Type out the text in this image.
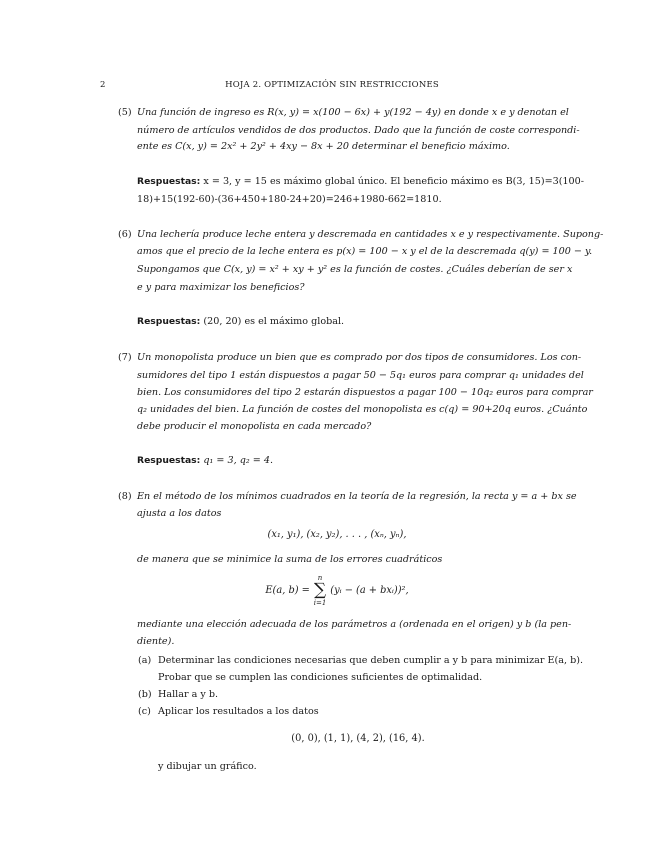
2	HOJA 2. OPTIMIZACIÓN SIN RESTRICCIONES
(5) Una función de ingreso es R(x, y) = x(100 − 6x) + y(192 − 4y) en donde x e y denotan el
número de artículos vendidos de dos productos. Dado que la función de coste correspondi-
ente es C(x, y) = 2x² + 2y² + 4xy − 8x + 20 determinar el beneficio máximo.
Respuestas: x = 3, y = 15 es máximo global único. El beneficio máximo es B(3, 15)=3(100-
18)+15(192-60)-(36+450+180-24+20)=246+1980-662=1810.
(6) Una lechería produce leche entera y descremada en cantidades x e y respectivamente. Supong-
amos que el precio de la leche entera es p(x) = 100 − x y el de la descremada q(y) = 100 − y.
Supongamos que C(x, y) = x² + xy + y² es la función de costes. ¿Cuáles deberían de ser x
e y para maximizar los beneficios?
Respuestas: (20, 20) es el máximo global.
(7) Un monopolista produce un bien que es comprado por dos tipos de consumidores. Los con-
sumidores del tipo 1 están dispuestos a pagar 50 − 5q₁ euros para comprar q₁ unidades del
bien. Los consumidores del tipo 2 estarán dispuestos a pagar 100 − 10q₂ euros para comprar
q₂ unidades del bien. La función de costes del monopolista es c(q) = 90+20q euros. ¿Cuánto
debe producir el monopolista en cada mercado?
Respuestas: q₁ = 3, q₂ = 4.
(8) En el método de los mínimos cuadrados en la teoría de la regresión, la recta y = a + bx se
ajusta a los datos
(x₁, y₁), (x₂, y₂), . . . , (xₙ, yₙ),
de manera que se minimice la suma de los errores cuadráticos
E(a, b) =
n
∑
i=1
(yᵢ − (a + bxᵢ))²,
mediante una elección adecuada de los parámetros a (ordenada en el origen) y b (la pen-
diente).
(a) Determinar las condiciones necesarias que deben cumplir a y b para minimizar E(a, b).
Probar que se cumplen las condiciones suficientes de optimalidad.
(b) Hallar a y b.
(c) Aplicar los resultados a los datos
(0, 0), (1, 1), (4, 2), (16, 4).
y dibujar un gráfico.
